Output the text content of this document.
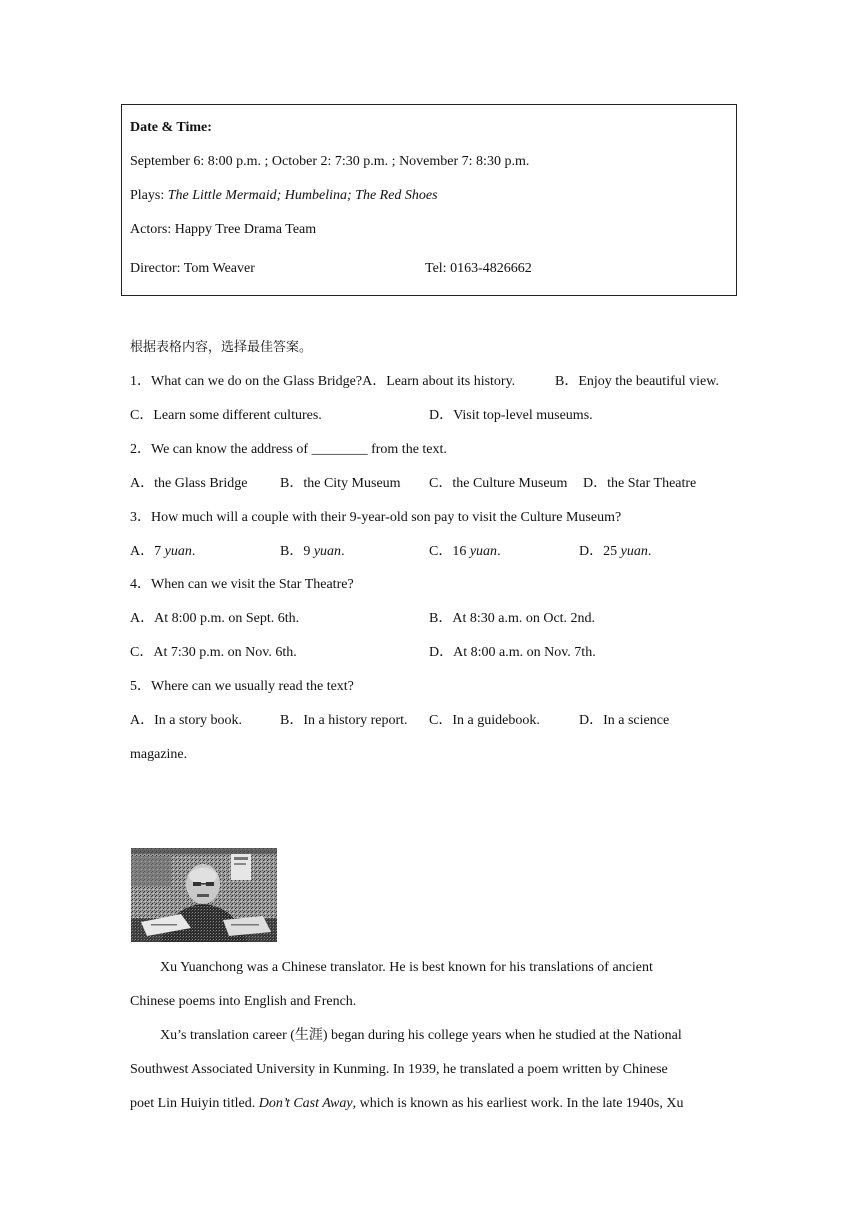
Date & Time:
September 6: 8:00 p.m. ; October 2: 7:30 p.m. ; November 7: 8:30 p.m.
Plays: The Little Mermaid; Humbelina; The Red Shoes
Actors: Happy Tree Drama Team
Director: Tom Weaver	Tel: 0163-4826662
根据表格内容，选择最佳答案。
1．What can we do on the Glass Bridge?A．Learn about its history.	B．Enjoy the beautiful view.
C．Learn some different cultures.	D．Visit top-level museums.
2．We can know the address of ________ from the text.
A．the Glass Bridge B．the City Museum C．the Culture Museum D．the Star Theatre
3．How much will a couple with their 9-year-old son pay to visit the Culture Museum?
A．7 yuan.	B．9 yuan.	C．16 yuan.	D．25 yuan.
4．When can we visit the Star Theatre?
A．At 8:00 p.m. on Sept. 6th.	B．At 8:30 a.m. on Oct. 2nd.
C．At 7:30 p.m. on Nov. 6th.	D．At 8:00 a.m. on Nov. 7th.
5．Where can we usually read the text?
A．In a story book.	B．In a history report. C．In a guidebook.	D．In a science
magazine.
Xu Yuanchong was a Chinese translator. He is best known for his translations of ancient
Chinese poems into English and French.
Xu’s translation career (生涯) began during his college years when he studied at the National
Southwest Associated University in Kunming. In 1939, he translated a poem written by Chinese
poet Lin Huiyin titled. Don’t Cast Away, which is known as his earliest work. In the late 1940s, Xu
